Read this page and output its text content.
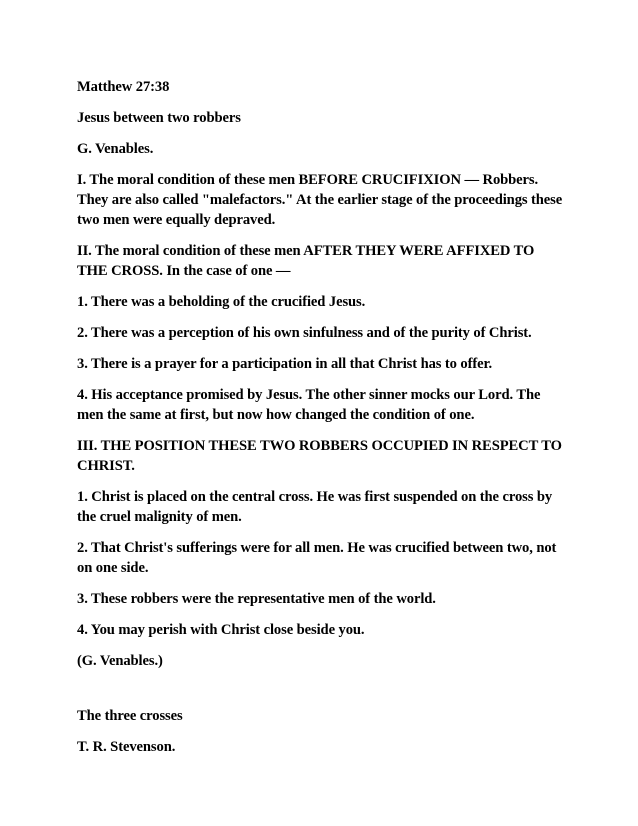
Matthew 27:38

Jesus between two robbers

G. Venables.

I. The moral condition of these men BEFORE CRUCIFIXION — Robbers. They are also called "malefactors." At the earlier stage of the proceedings these two men were equally depraved.

II. The moral condition of these men AFTER THEY WERE AFFIXED TO THE CROSS. In the case of one —

1. There was a beholding of the crucified Jesus.

2. There was a perception of his own sinfulness and of the purity of Christ.

3. There is a prayer for a participation in all that Christ has to offer.

4. His acceptance promised by Jesus. The other sinner mocks our Lord. The men the same at first, but now how changed the condition of one.

III. THE POSITION THESE TWO ROBBERS OCCUPIED IN RESPECT TO CHRIST.

1. Christ is placed on the central cross. He was first suspended on the cross by the cruel malignity of men.

2. That Christ's sufferings were for all men. He was crucified between two, not on one side.

3. These robbers were the representative men of the world.

4. You may perish with Christ close beside you.

(G. Venables.)

The three crosses

T. R. Stevenson.
